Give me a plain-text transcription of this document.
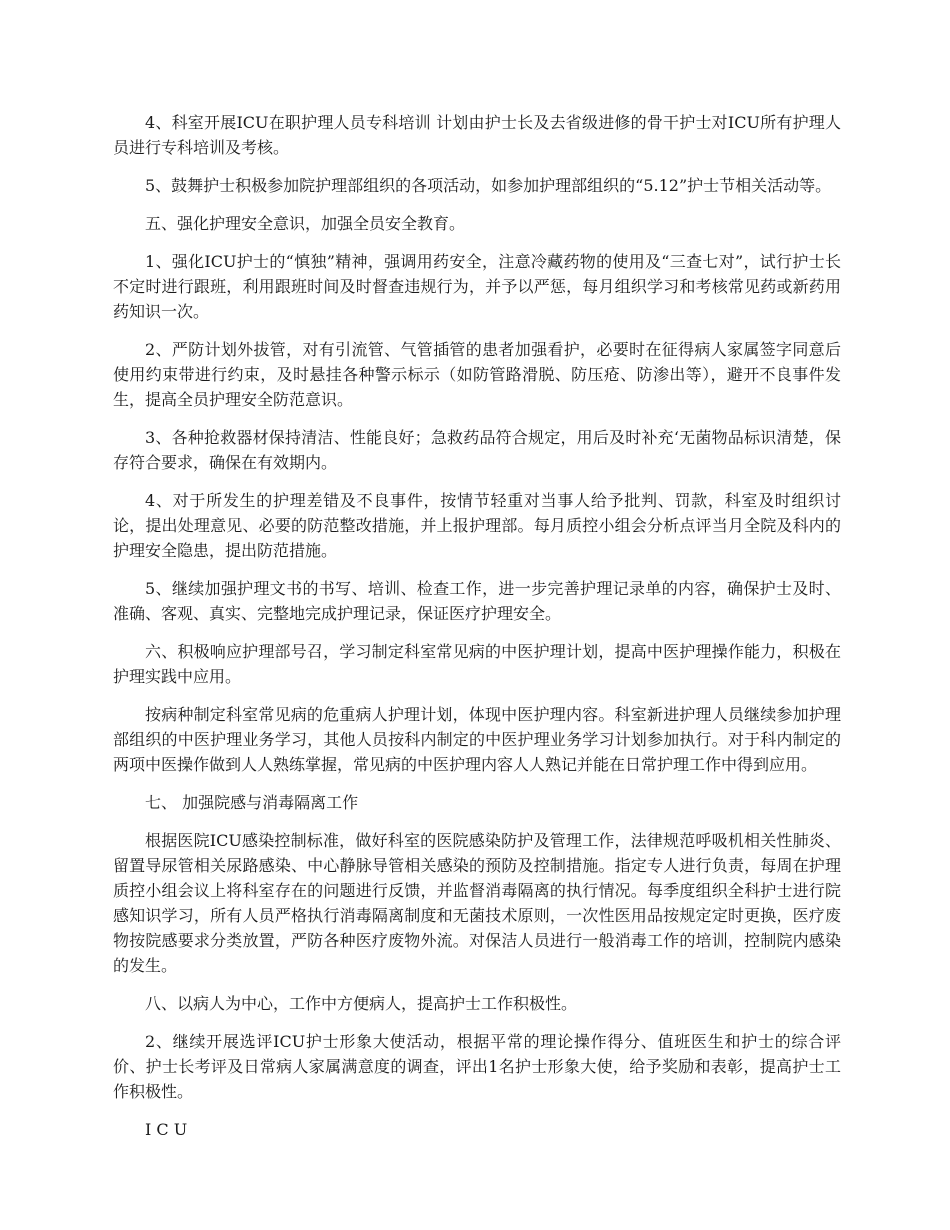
4、科室开展ICU在职护理人员专科培训 计划由护士长及去省级进修的骨干护士对ICU所有护理人员进行专科培训及考核。

5、鼓舞护士积极参加院护理部组织的各项活动，如参加护理部组织的“5.12”护士节相关活动等。

五、强化护理安全意识，加强全员安全教育。

1、强化ICU护士的“慎独”精神，强调用药安全，注意冷藏药物的使用及“三查七对”，试行护士长不定时进行跟班，利用跟班时间及时督查违规行为，并予以严惩，每月组织学习和考核常见药或新药用药知识一次。

2、严防计划外拔管，对有引流管、气管插管的患者加强看护，必要时在征得病人家属签字同意后使用约束带进行约束，及时悬挂各种警示标示（如防管路滑脱、防压疮、防渗出等），避开不良事件发生，提高全员护理安全防范意识。

3、各种抢救器材保持清洁、性能良好；急救药品符合规定，用后及时补充‘无菌物品标识清楚，保存符合要求，确保在有效期内。

4、对于所发生的护理差错及不良事件，按情节轻重对当事人给予批判、罚款，科室及时组织讨论，提出处理意见、必要的防范整改措施，并上报护理部。每月质控小组会分析点评当月全院及科内的护理安全隐患，提出防范措施。

5、继续加强护理文书的书写、培训、检查工作，进一步完善护理记录单的内容，确保护士及时、准确、客观、真实、完整地完成护理记录，保证医疗护理安全。

六、积极响应护理部号召，学习制定科室常见病的中医护理计划，提高中医护理操作能力，积极在护理实践中应用。

按病种制定科室常见病的危重病人护理计划，体现中医护理内容。科室新进护理人员继续参加护理部组织的中医护理业务学习，其他人员按科内制定的中医护理业务学习计划参加执行。对于科内制定的两项中医操作做到人人熟练掌握，常见病的中医护理内容人人熟记并能在日常护理工作中得到应用。

七、 加强院感与消毒隔离工作

根据医院ICU感染控制标准，做好科室的医院感染防护及管理工作，法律规范呼吸机相关性肺炎、留置导尿管相关尿路感染、中心静脉导管相关感染的预防及控制措施。指定专人进行负责，每周在护理质控小组会议上将科室存在的问题进行反馈，并监督消毒隔离的执行情况。每季度组织全科护士进行院感知识学习，所有人员严格执行消毒隔离制度和无菌技术原则，一次性医用品按规定定时更换，医疗废物按院感要求分类放置，严防各种医疗废物外流。对保洁人员进行一般消毒工作的培训，控制院内感染的发生。

八、以病人为中心，工作中方便病人，提高护士工作积极性。

2、继续开展选评ICU护士形象大使活动，根据平常的理论操作得分、值班医生和护士的综合评价、护士长考评及日常病人家属满意度的调查，评出1名护士形象大使，给予奖励和表彰，提高护士工作积极性。

I C U
